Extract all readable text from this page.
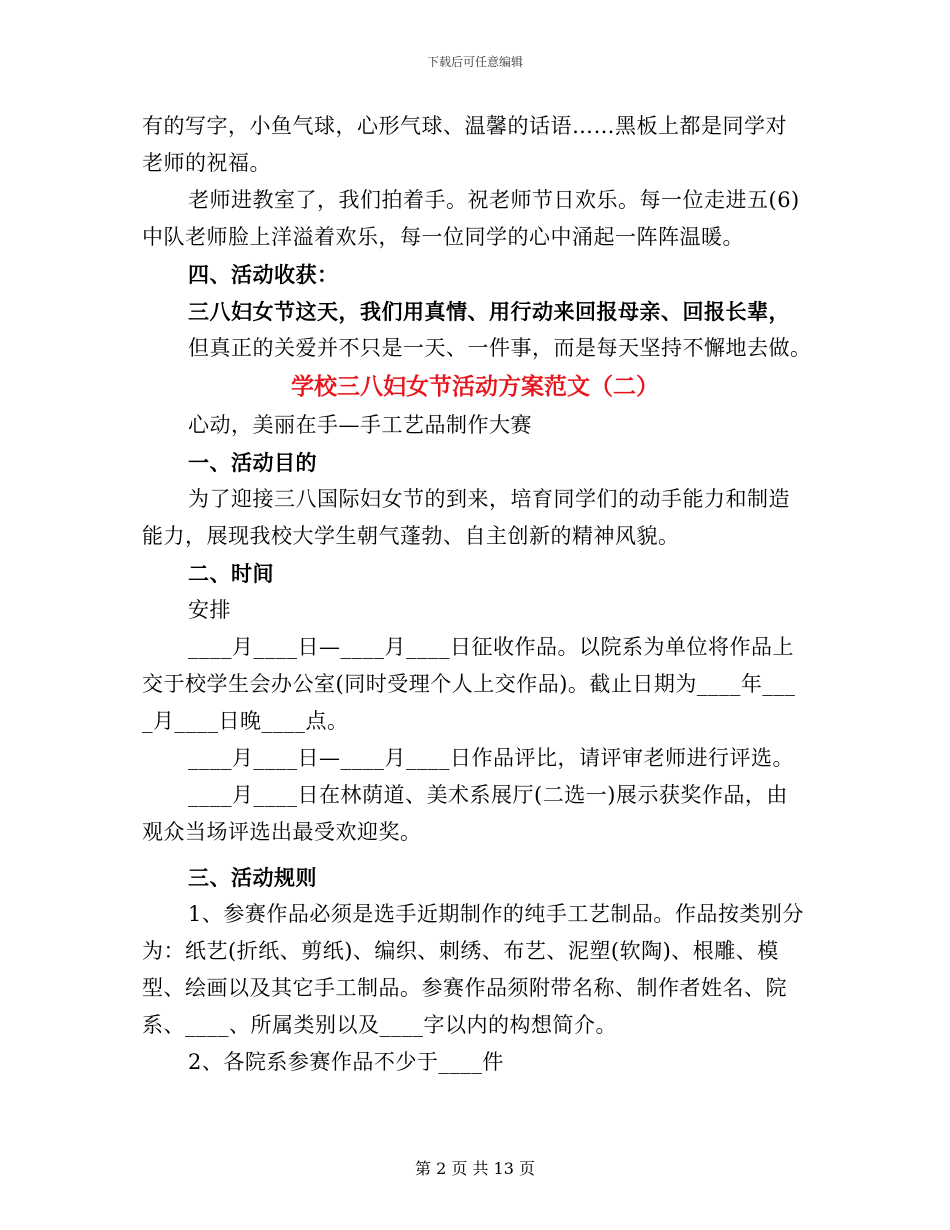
下载后可任意编辑
有的写字，小鱼气球，心形气球、温馨的话语……黑板上都是同学对
老师的祝福。
老师进教室了，我们拍着手。祝老师节日欢乐。每一位走进五(6)
中队老师脸上洋溢着欢乐，每一位同学的心中涌起一阵阵温暖。
四、活动收获：
三八妇女节这天，我们用真情、用行动来回报母亲、回报长辈，
但真正的关爱并不只是一天、一件事，而是每天坚持不懈地去做。
学校三八妇女节活动方案范文（二）
心动，美丽在手—手工艺品制作大赛
一、活动目的
为了迎接三八国际妇女节的到来，培育同学们的动手能力和制造
能力，展现我校大学生朝气蓬勃、自主创新的精神风貌。
二、时间
安排
____月____日—____月____日征收作品。以院系为单位将作品上
交于校学生会办公室(同时受理个人上交作品)。截止日期为____年___
_月____日晚____点。
____月____日—____月____日作品评比，请评审老师进行评选。
____月____日在林荫道、美术系展厅(二选一)展示获奖作品，由
观众当场评选出最受欢迎奖。
三、活动规则
1、参赛作品必须是选手近期制作的纯手工艺制品。作品按类别分
为：纸艺(折纸、剪纸)、编织、刺绣、布艺、泥塑(软陶)、根雕、模
型、绘画以及其它手工制品。参赛作品须附带名称、制作者姓名、院
系、____、所属类别以及____字以内的构想简介。
2、各院系参赛作品不少于____件
第 2 页 共 13 页
